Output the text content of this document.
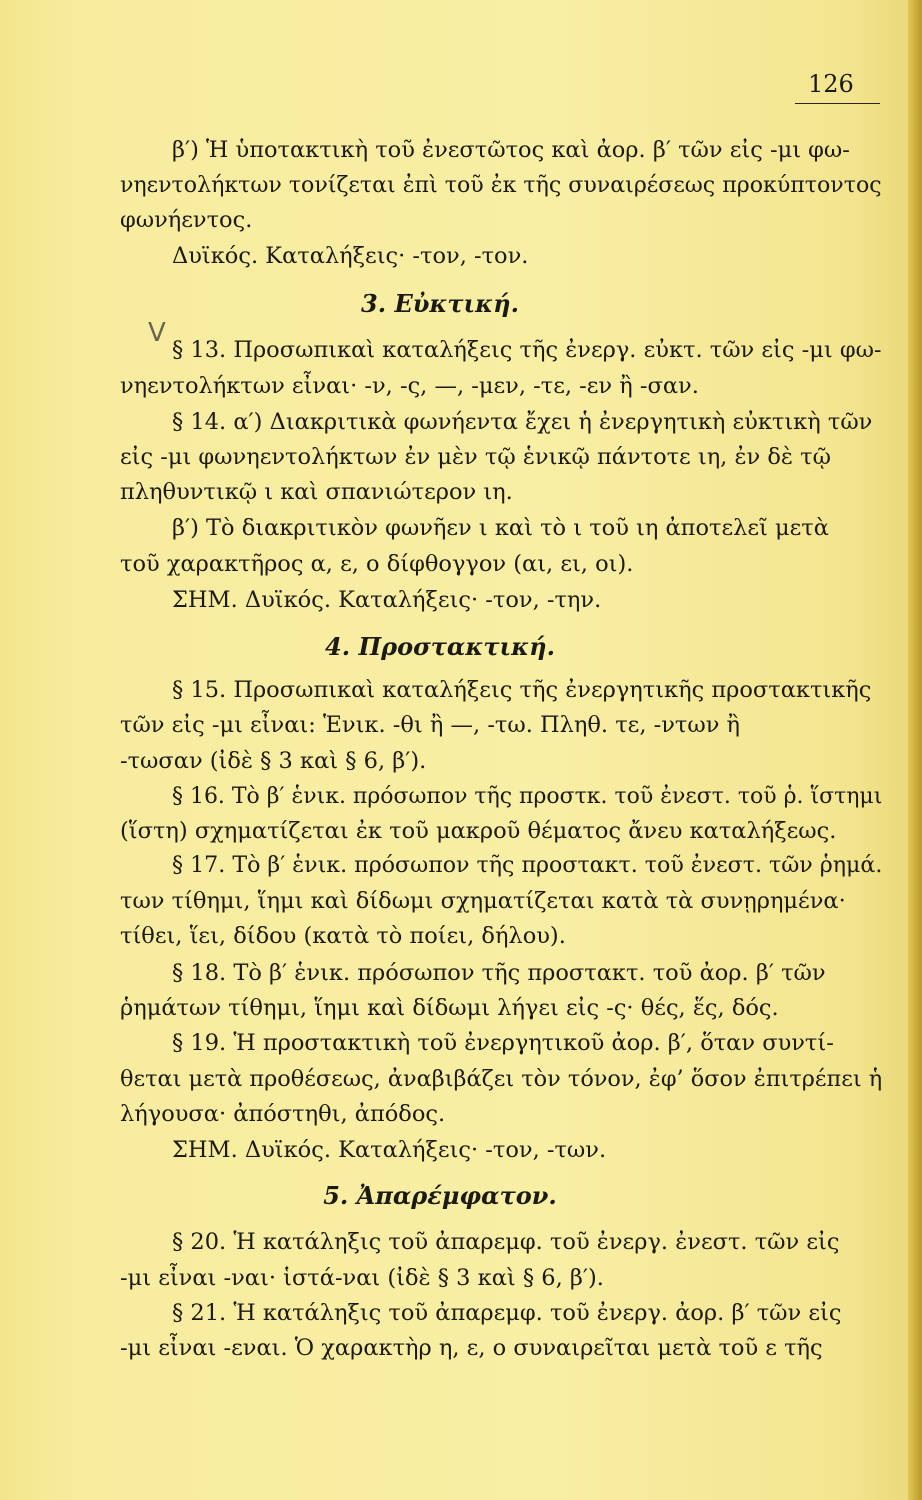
126
V

β′) Ἡ ὑποτακτικὴ τοῦ ἐνεστῶτος καὶ ἀορ. β′ τῶν εἰς -μι φω-

νηεντολήκτων τονίζεται ἐπὶ τοῦ ἐκ τῆς συναιρέσεως προκύπτοντος

φωνήεντος.

Δυϊκός. Καταλήξεις· -τον, -τον.

3. Εὐκτική.

§ 13. Προσωπικαὶ καταλήξεις τῆς ἐνεργ. εὐκτ. τῶν εἰς -μι φω-

νηεντολήκτων εἶναι· -ν, -ς, —, -μεν, -τε, -εν ἢ -σαν.

§ 14. α′) Διακριτικὰ φωνήεντα ἔχει ἡ ἐνεργητικὴ εὐκτικὴ τῶν

εἰς -μι φωνηεντολήκτων ἐν μὲν τῷ ἑνικῷ πάντοτε ιη, ἐν δὲ τῷ

πληθυντικῷ ι καὶ σπανιώτερον ιη.

β′) Τὸ διακριτικὸν φωνῆεν ι καὶ τὸ ι τοῦ ιη ἀποτελεῖ μετὰ

τοῦ χαρακτῆρος α, ε, ο δίφθογγον (αι, ει, οι).

ΣΗΜ. Δυϊκός. Καταλήξεις· -τον, -την.

4. Προστακτική.

§ 15. Προσωπικαὶ καταλήξεις τῆς ἐνεργητικῆς προστακτικῆς

τῶν εἰς -μι εἶναι: Ἑνικ. -θι ἢ —, -τω. Πληθ. τε, -ντων ἢ

-τωσαν (ἰδὲ § 3 καὶ § 6, β′).

§ 16. Τὸ β′ ἑνικ. πρόσωπον τῆς προστκ. τοῦ ἐνεστ. τοῦ ῥ. ἵστημι

(ἵστη) σχηματίζεται ἐκ τοῦ μακροῦ θέματος ἄνευ καταλήξεως.

§ 17. Τὸ β′ ἑνικ. πρόσωπον τῆς προστακτ. τοῦ ἐνεστ. τῶν ῥημά.

των τίθημι, ἵημι καὶ δίδωμι σχηματίζεται κατὰ τὰ συνῃρημένα·

τίθει, ἵει, δίδου (κατὰ τὸ ποίει, δήλου).

§ 18. Τὸ β′ ἑνικ. πρόσωπον τῆς προστακτ. τοῦ ἀορ. β′ τῶν

ῥημάτων τίθημι, ἵημι καὶ δίδωμι λήγει εἰς -ς· θές, ἕς, δός.

§ 19. Ἡ προστακτικὴ τοῦ ἐνεργητικοῦ ἀορ. β′, ὅταν συντί-

θεται μετὰ προθέσεως, ἀναβιβάζει τὸν τόνον, ἐφ’ ὅσον ἐπιτρέπει ἡ

λήγουσα· ἀπόστηθι, ἀπόδος.

ΣΗΜ. Δυϊκός. Καταλήξεις· -τον, -των.

5. Ἀπαρέμφατον.

§ 20. Ἡ κατάληξις τοῦ ἀπαρεμφ. τοῦ ἐνεργ. ἐνεστ. τῶν εἰς

-μι εἶναι -ναι· ἱστά-ναι (ἰδὲ § 3 καὶ § 6, β′).

§ 21. Ἡ κατάληξις τοῦ ἀπαρεμφ. τοῦ ἐνεργ. ἀορ. β′ τῶν εἰς

-μι εἶναι -εναι. Ὁ χαρακτὴρ η, ε, ο συναιρεῖται μετὰ τοῦ ε τῆς
